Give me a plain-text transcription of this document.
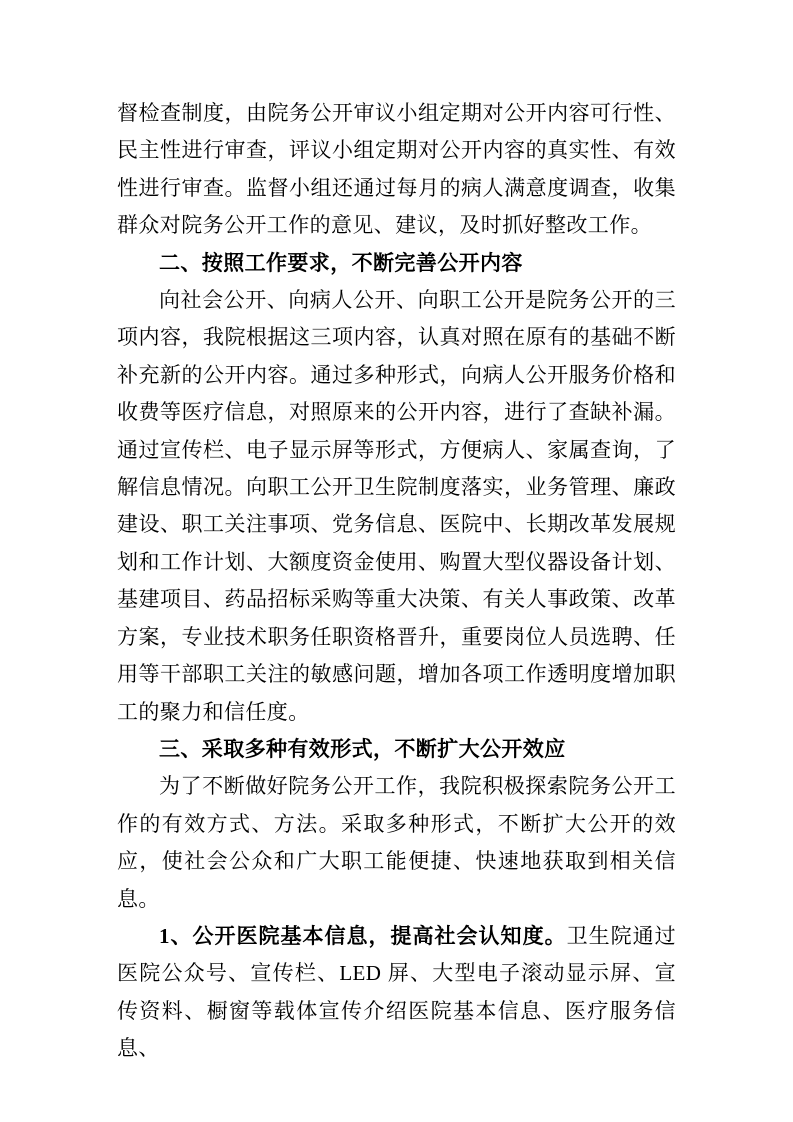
督检查制度，由院务公开审议小组定期对公开内容可行性、民主性进行审查，评议小组定期对公开内容的真实性、有效性进行审查。监督小组还通过每月的病人满意度调查，收集群众对院务公开工作的意见、建议，及时抓好整改工作。

二、按照工作要求，不断完善公开内容

向社会公开、向病人公开、向职工公开是院务公开的三项内容，我院根据这三项内容，认真对照在原有的基础不断补充新的公开内容。通过多种形式，向病人公开服务价格和收费等医疗信息，对照原来的公开内容，进行了查缺补漏。通过宣传栏、电子显示屏等形式，方便病人、家属查询，了解信息情况。向职工公开卫生院制度落实，业务管理、廉政建设、职工关注事项、党务信息、医院中、长期改革发展规划和工作计划、大额度资金使用、购置大型仪器设备计划、基建项目、药品招标采购等重大决策、有关人事政策、改革方案，专业技术职务任职资格晋升，重要岗位人员选聘、任用等干部职工关注的敏感问题，增加各项工作透明度增加职工的聚力和信任度。

三、采取多种有效形式，不断扩大公开效应

为了不断做好院务公开工作，我院积极探索院务公开工作的有效方式、方法。采取多种形式，不断扩大公开的效应，使社会公众和广大职工能便捷、快速地获取到相关信息。

1、公开医院基本信息，提高社会认知度。卫生院通过医院公众号、宣传栏、LED 屏、大型电子滚动显示屏、宣传资料、橱窗等载体宣传介绍医院基本信息、医疗服务信息、
